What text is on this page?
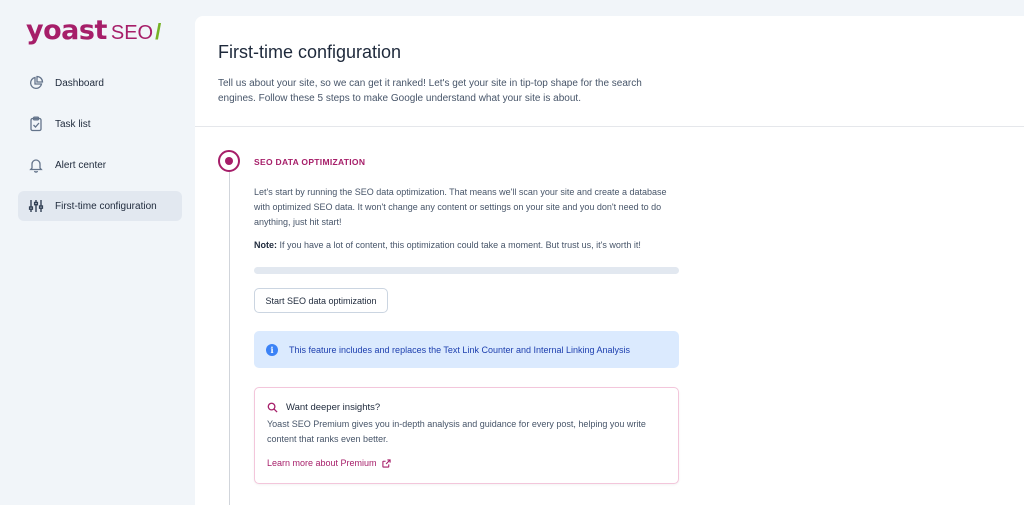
yoast SEO /
Dashboard
Task list
Alert center
First-time configuration
First-time configuration

Tell us about your site, so we can get it ranked! Let's get your site in tip-top shape for the search engines. Follow these 5 steps to make Google understand what your site is about.

SEO DATA OPTIMIZATION

Let's start by running the SEO data optimization. That means we'll scan your site and create a database with optimized SEO data. It won't change any content or settings on your site and you don't need to do anything, just hit start!

Note: If you have a lot of content, this optimization could take a moment. But trust us, it's worth it!

Start SEO data optimization
i	This feature includes and replaces the Text Link Counter and Internal Linking Analysis
Want deeper insights?

Yoast SEO Premium gives you in-depth analysis and guidance for every post, helping you write content that ranks even better.

Learn more about Premium
